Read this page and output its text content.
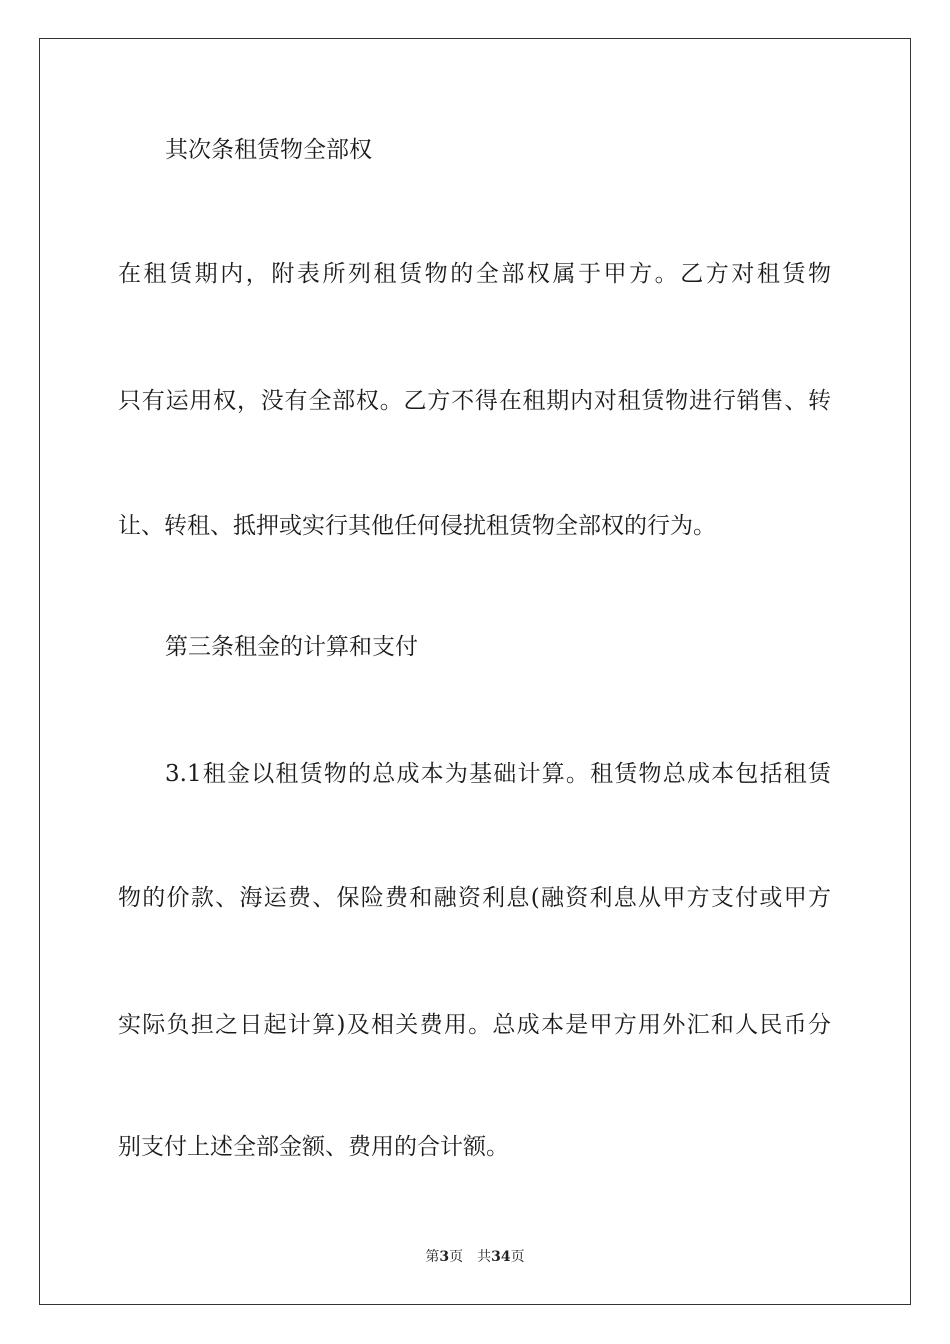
其次条租赁物全部权
在租赁期内，附表所列租赁物的全部权属于甲方。乙方对租赁物
只有运用权，没有全部权。乙方不得在租期内对租赁物进行销售、转
让、转租、抵押或实行其他任何侵扰租赁物全部权的行为。
第三条租金的计算和支付
3.1租金以租赁物的总成本为基础计算。租赁物总成本包括租赁
物的价款、海运费、保险费和融资利息(融资利息从甲方支付或甲方
实际负担之日起计算)及相关费用。总成本是甲方用外汇和人民币分
别支付上述全部金额、费用的合计额。
第3页 共34页
